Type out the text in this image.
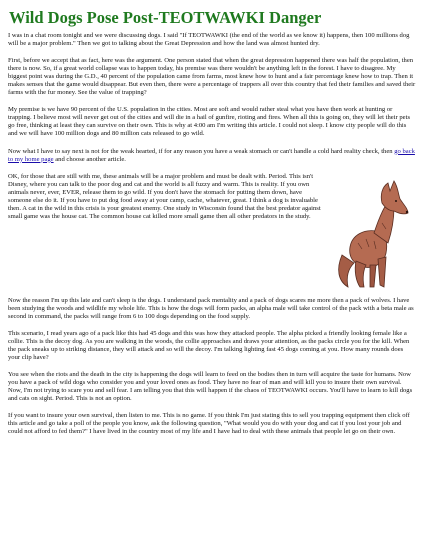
Wild Dogs Pose Post-TEOTWAWKI Danger

I was in a chat room tonight and we were discussing dogs. I said "If TEOTWAWKI (the end of the world as we know it) happens, then 100 millions dog will be a major problem." Then we got to talking about the Great Depression and how the land was almost hunted dry.

First, before we accept that as fact, here was the argument. One person stated that when the great depression happened there was half the population, then there is now. So, if a great world collapse was to happen today, his premise was there wouldn't be anything left in the forest. I have to disagree. My biggest point was during the G.D., 40 percent of the population came from farms, most knew how to hunt and a fair percentage knew how to trap. Then it makes senses that the game would disappear. But even then, there were a percentage of trappers all over this country that fed their families and saved their farms with the fur money. See the value of trapping?

My premise is we have 90 percent of the U.S. population in the cities. Most are soft and would rather steal what you have then work at hunting or trapping. I believe most will never get out of the cities and will die in a hail of gunfire, rioting and fires. When all this is going on, they will let their pets go free, thinking at least they can survive on their own. This is why at 4:00 am I'm writing this article. I could not sleep. I know city people will do this and we will have 100 million dogs and 80 million cats released to go wild.

Now what I have to say next is not for the weak hearted, if for any reason you have a weak stomach or can't handle a cold hard reality check, then go back to my home page and choose another article.

OK, for those that are still with me, these animals will be a major problem and must be dealt with. Period. This isn't Disney, where you can talk to the poor dog and cat and the world is all fuzzy and warm. This is reality. If you own animals never, ever, EVER, release them to go wild. If you don't have the stomach for putting them down, have someone else do it. If you have to put dog food away at your camp, cache, whatever, great. I think a dog is invaluable then. A cat in the wild in this crisis is your greatest enemy. One study in Wisconsin found that the best predator against small game was the house cat. The common house cat killed more small game then all other predators in the study.

Now the reason I'm up this late and can't sleep is the dogs. I understand pack mentality and a pack of dogs scares me more then a pack of wolves. I have been studying the woods and wildlife my whole life. This is how the dogs will form packs, an alpha male will take control of the pack with a beta male as second in command, the packs will range from 6 to 100 dogs depending on the food supply.

This scenario, I read years ago of a pack like this had 45 dogs and this was how they attacked people. The alpha picked a friendly looking female like a collie. This is the decoy dog. As you are walking in the woods, the collie approaches and draws your attention, as the packs circle you for the kill. When the pack sneaks up to striking distance, they will attack and so will the decoy. I'm talking lighting fast 45 dogs coming at you. How many rounds does your clip have?

You see when the riots and the death in the city is happening the dogs will learn to feed on the bodies then in turn will acquire the taste for humans. Now you have a pack of wild dogs who consider you and your loved ones as food. They have no fear of man and will kill you to insure their own survival. Now, I'm not trying to scare you and sell fear. I am telling you that this will happen if the chaos of TEOTWAWKI occurs. You'll have to learn to kill dogs and cats on sight. Period. This is not an option.

If you want to insure your own survival, then listen to me. This is no game. If you think I'm just stating this to sell you trapping equipment then click off this article and go take a poll of the people you know, ask the following question, "What would you do with your dog and cat if you lost your job and could not afford to fed them?" I have lived in the country most of my life and I have had to deal with these animals that people let go on their own.
